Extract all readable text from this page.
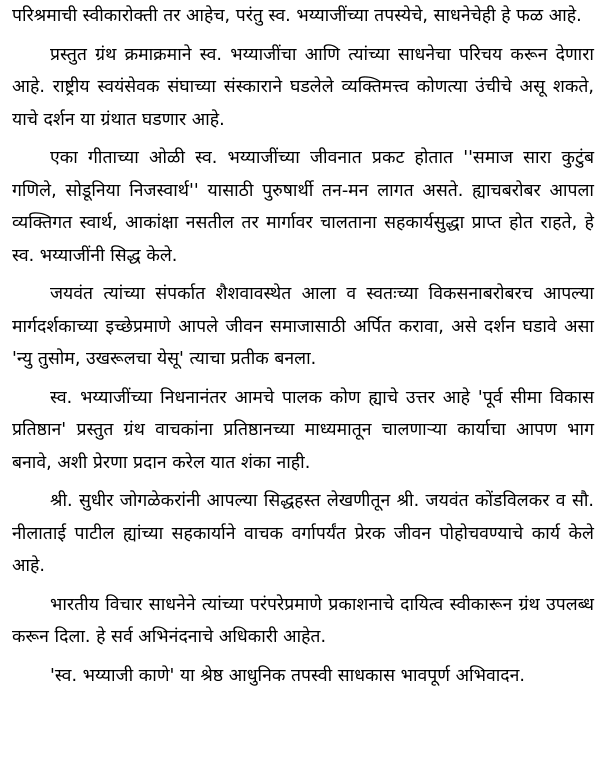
परिश्रमाची स्वीकारोक्ती तर आहेच, परंतु स्व. भय्याजींच्या तपस्येचे, साधनेचेही हे फळ आहे.

प्रस्तुत ग्रंथ क्रमाक्रमाने स्व. भय्याजींचा आणि त्यांच्या साधनेचा परिचय करून देणारा आहे. राष्ट्रीय स्वयंसेवक संघाच्या संस्काराने घडलेले व्यक्तिमत्त्व कोणत्या उंचीचे असू शकते, याचे दर्शन या ग्रंथात घडणार आहे.

एका गीताच्या ओळी स्व. भय्याजींच्या जीवनात प्रकट होतात ''समाज सारा कुटुंब गणिले, सोडूनिया निजस्वार्थ'' यासाठी पुरुषार्थी तन-मन लागत असते. ह्याचबरोबर आपला व्यक्तिगत स्वार्थ, आकांक्षा नसतील तर मार्गावर चालताना सहकार्यसुद्धा प्राप्त होत राहते, हे स्व. भय्याजींनी सिद्ध केले.

जयवंत त्यांच्या संपर्कात शैशवावस्थेत आला व स्वतःच्या विकसनाबरोबरच आपल्या मार्गदर्शकाच्या इच्छेप्रमाणे आपले जीवन समाजासाठी अर्पित करावा, असे दर्शन घडावे असा 'न्यु तुसोम, उखरूलचा येसू' त्याचा प्रतीक बनला.

स्व. भय्याजींच्या निधनानंतर आमचे पालक कोण ह्याचे उत्तर आहे 'पूर्व सीमा विकास प्रतिष्ठान' प्रस्तुत ग्रंथ वाचकांना प्रतिष्ठानच्या माध्यमातून चालणाऱ्या कार्याचा आपण भाग बनावे, अशी प्रेरणा प्रदान करेल यात शंका नाही.

श्री. सुधीर जोगळेकरांनी आपल्या सिद्धहस्त लेखणीतून श्री. जयवंत कोंडविलकर व सौ. नीलाताई पाटील ह्यांच्या सहकार्याने वाचक वर्गापर्यंत प्रेरक जीवन पोहोचवण्याचे कार्य केले आहे.

भारतीय विचार साधनेने त्यांच्या परंपरेप्रमाणे प्रकाशनाचे दायित्व स्वीकारून ग्रंथ उपलब्ध करून दिला. हे सर्व अभिनंदनाचे अधिकारी आहेत.

'स्व. भय्याजी काणे' या श्रेष्ठ आधुनिक तपस्वी साधकास भावपूर्ण अभिवादन.
